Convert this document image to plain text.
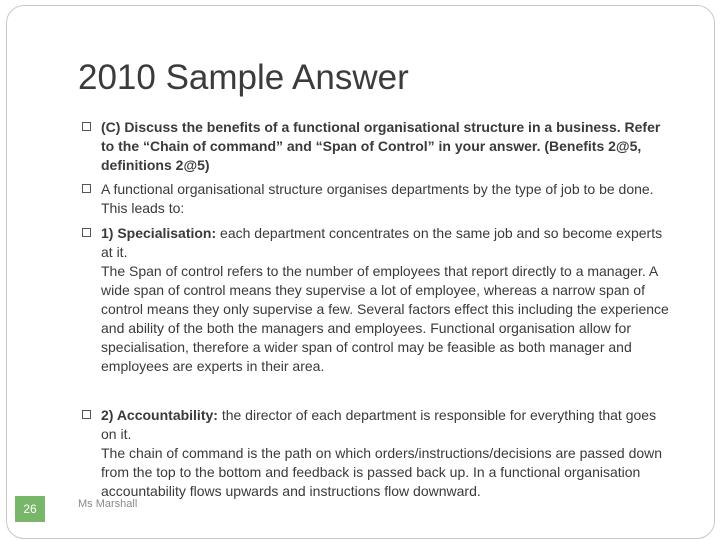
2010 Sample Answer
(C) Discuss the benefits of a functional organisational structure in a business. Refer to the “Chain of command” and “Span of Control” in your answer. (Benefits 2@5, definitions 2@5)
A functional organisational structure organises departments by the type of job to be done. This leads to:
1) Specialisation: each department concentrates on the same job and so become experts at it.
The Span of control refers to the number of employees that report directly to a manager. A wide span of control means they supervise a lot of employee, whereas a narrow span of control means they only supervise a few. Several factors effect this including the experience and ability of the both the managers and employees. Functional organisation allow for specialisation, therefore a wider span of control may be feasible as both manager and employees are experts in their area.
2) Accountability: the director of each department is responsible for everything that goes on it.
The chain of command is the path on which orders/instructions/decisions are passed down from the top to the bottom and feedback is passed back up. In a functional organisation accountability flows upwards and instructions flow downward.
26	Ms Marshall
